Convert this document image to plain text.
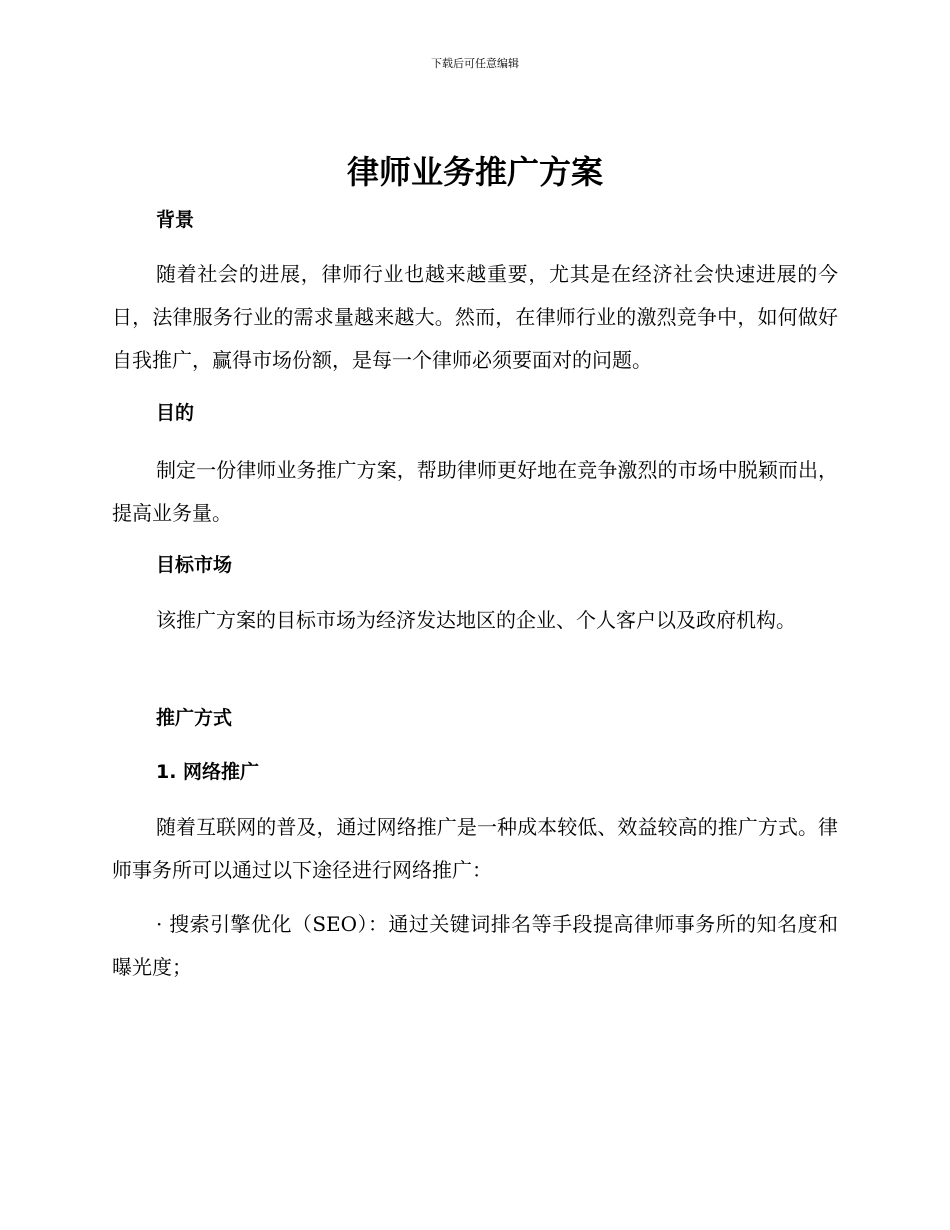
下载后可任意编辑
律师业务推广方案
背景
随着社会的进展，律师行业也越来越重要，尤其是在经济社会快速进展的今日，法律服务行业的需求量越来越大。然而，在律师行业的激烈竞争中，如何做好自我推广，赢得市场份额，是每一个律师必须要面对的问题。
目的
制定一份律师业务推广方案，帮助律师更好地在竞争激烈的市场中脱颖而出，提高业务量。
目标市场
该推广方案的目标市场为经济发达地区的企业、个人客户以及政府机构。
推广方式
1. 网络推广
随着互联网的普及，通过网络推广是一种成本较低、效益较高的推广方式。律师事务所可以通过以下途径进行网络推广：
· 搜索引擎优化（SEO）：通过关键词排名等手段提高律师事务所的知名度和曝光度；
